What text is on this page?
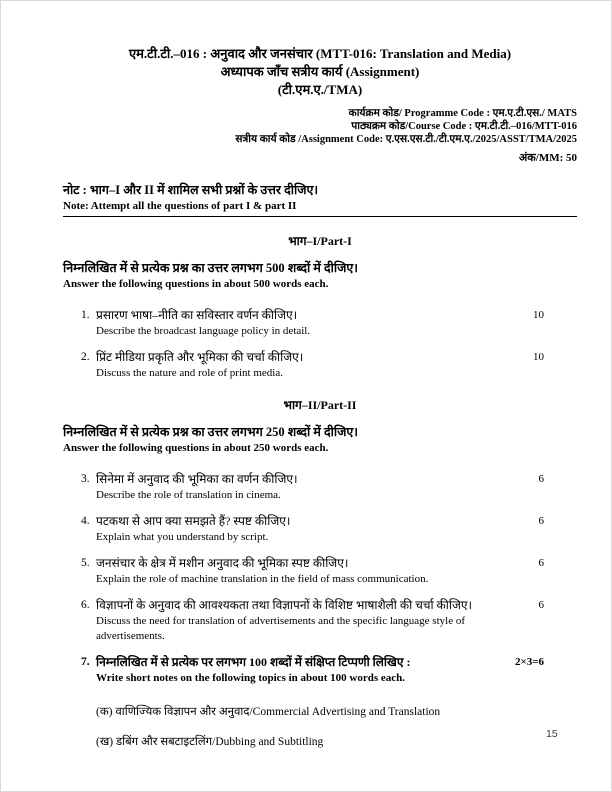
एम.टी.टी.–016 : अनुवाद और जनसंचार (MTT-016: Translation and Media)
अध्यापक जाँच सत्रीय कार्य (Assignment)
(टी.एम.ए./TMA)
कार्यक्रम कोड/ Programme Code : एम.ए.टी.एस./ MATS
पाठ्यक्रम कोड/Course Code : एम.टी.टी.–016/MTT-016
सत्रीय कार्य कोड /Assignment Code: ए.एस.एस.टी./टी.एम.ए./2025/ASST/TMA/2025
अंक/MM: 50
नोट : भाग–I और II में शामिल सभी प्रश्नों के उत्तर दीजिए।
Note: Attempt all the questions of part I & part II
भाग–I/Part-I
निम्नलिखित में से प्रत्येक प्रश्न का उत्तर लगभग 500 शब्दों में दीजिए।
Answer the following questions in about 500 words each.
1. प्रसारण भाषा–नीति का सविस्तार वर्णन कीजिए।
Describe the broadcast language policy in detail.
10
2. प्रिंट मीडिया प्रकृति और भूमिका की चर्चा कीजिए।
Discuss the nature and role of print media.
10
भाग–II/Part-II
निम्नलिखित में से प्रत्येक प्रश्न का उत्तर लगभग 250 शब्दों में दीजिए।
Answer the following questions in about 250 words each.
3. सिनेमा में अनुवाद की भूमिका का वर्णन कीजिए।
Describe the role of translation in cinema.
6
4. पटकथा से आप क्या समझते हैं? स्पष्ट कीजिए।
Explain what you understand by script.
6
5. जनसंचार के क्षेत्र में मशीन अनुवाद की भूमिका स्पष्ट कीजिए।
Explain the role of machine translation in the field of mass communication.
6
6. विज्ञापनों के अनुवाद की आवश्यकता तथा विज्ञापनों के विशिष्ट भाषाशैली की चर्चा कीजिए।
Discuss the need for translation of advertisements and the specific language style of advertisements.
6
7. निम्नलिखित में से प्रत्येक पर लगभग 100 शब्दों में संक्षिप्त टिप्पणी लिखिए :
Write short notes on the following topics in about 100 words each.
2×3=6
(क) वाणिज्यिक विज्ञापन और अनुवाद/Commercial Advertising and Translation
(ख) डबिंग और सबटाइटलिंग/Dubbing and Subtitling
15
